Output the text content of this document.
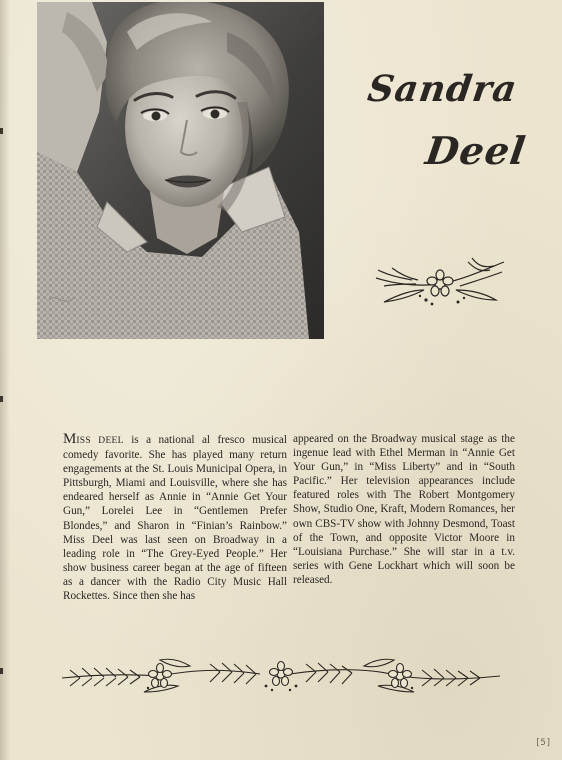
Sandra
Deel
MISS DEEL is a national al fresco musical comedy favorite. She has played many return engagements at the St. Louis Municipal Opera, in Pittsburgh, Miami and Louisville, where she has endeared herself as Annie in “Annie Get Your Gun,” Lorelei Lee in “Gentlemen Prefer Blondes,” and Sharon in “Finian’s Rainbow.” Miss Deel was last seen on Broadway in a leading role in “The Grey-Eyed People.” Her show business career began at the age of fifteen as a dancer with the Radio City Music Hall Rockettes. Since then she has
appeared on the Broadway musical stage as the ingenue lead with Ethel Merman in “Annie Get Your Gun,” in “Miss Liberty” and in “South Pacific.” Her television appearances include featured roles with The Robert Montgomery Show, Studio One, Kraft, Modern Romances, her own CBS-TV show with Johnny Desmond, Toast of the Town, and opposite Victor Moore in “Louisiana Purchase.” She will star in a t.v. series with Gene Lockhart which will soon be released.
[5]
